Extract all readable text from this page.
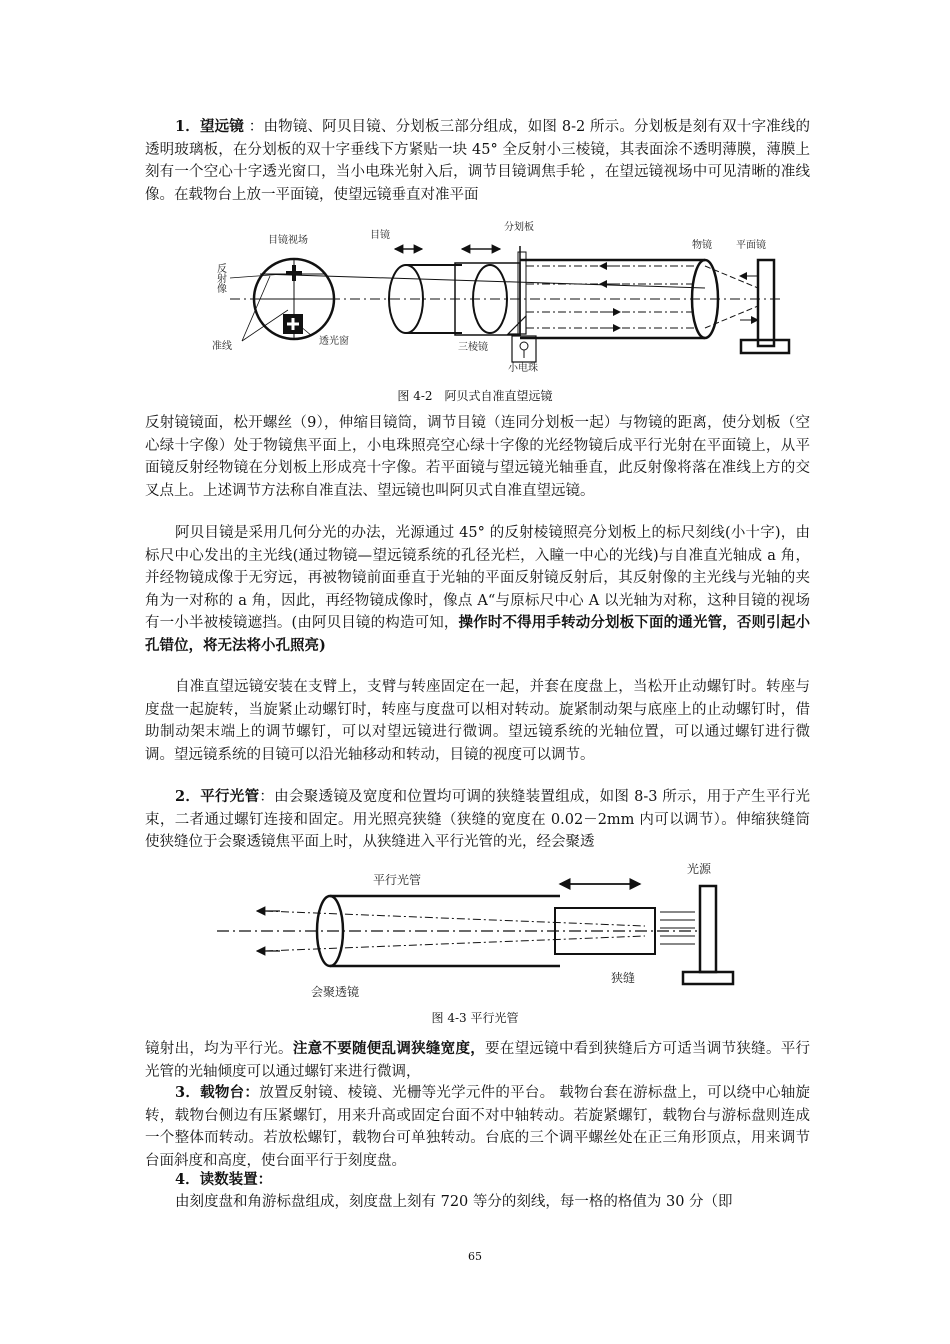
1．望远镜 ：由物镜、阿贝目镜、分划板三部分组成，如图 8-2 所示。分划板是刻有双十字准线的透明玻璃板，在分划板的双十字垂线下方紧贴一块 45° 全反射小三棱镜，其表面涂不透明薄膜，薄膜上刻有一个空心十字透光窗口，当小电珠光射入后，调节目镜调焦手轮 ，在望远镜视场中可见清晰的准线像。在载物台上放一平面镜，使望远镜垂直对准平面

目镜视场	目镜
分划板
物镜 平面镜
反射像
准线	透光窗
三棱镜
小电珠
图 4-2　阿贝式自准直望远镜

反射镜镜面，松开螺丝（9），伸缩目镜筒，调节目镜（连同分划板一起）与物镜的距离，使分划板（空心绿十字像）处于物镜焦平面上，小电珠照亮空心绿十字像的光经物镜后成平行光射在平面镜上，从平面镜反射经物镜在分划板上形成亮十字像。若平面镜与望远镜光轴垂直，此反射像将落在准线上方的交叉点上。上述调节方法称自准直法、望远镜也叫阿贝式自准直望远镜。

阿贝目镜是采用几何分光的办法，光源通过 45° 的反射棱镜照亮分划板上的标尺刻线(小十字)，由标尺中心发出的主光线(通过物镜—望远镜系统的孔径光栏，入瞳一中心的光线)与自准直光轴成 a 角，并经物镜成像于无穷远，再被物镜前面垂直于光轴的平面反射镜反射后，其反射像的主光线与光轴的夹角为一对称的 a 角，因此，再经物镜成像时，像点 A“与原标尺中心 A 以光轴为对称，这种目镜的视场有一小半被棱镜遮挡。(由阿贝目镜的构造可知，操作时不得用手转动分划板下面的通光管，否则引起小孔错位，将无法将小孔照亮)

自准直望远镜安装在支臂上，支臂与转座固定在一起，并套在度盘上，当松开止动螺钉时。转座与度盘一起旋转，当旋紧止动螺钉时，转座与度盘可以相对转动。旋紧制动架与底座上的止动螺钉时，借助制动架末端上的调节螺钉，可以对望远镜进行微调。望远镜系统的光轴位置，可以通过螺钉进行微调。望远镜系统的目镜可以沿光轴移动和转动，目镜的视度可以调节。

2．平行光管：由会聚透镜及宽度和位置均可调的狭缝装置组成，如图 8-3 所示，用于产生平行光束，二者通过螺钉连接和固定。用光照亮狭缝（狭缝的宽度在 0.02－2mm 内可以调节）。伸缩狭缝筒使狭缝位于会聚透镜焦平面上时，从狭缝进入平行光管的光，经会聚透

平行光管
光源
狭缝
会聚透镜
图 4-3 平行光管

镜射出，均为平行光。注意不要随便乱调狭缝宽度，要在望远镜中看到狭缝后方可适当调节狭缝。平行光管的光轴倾度可以通过螺钉来进行微调，

3．载物台：放置反射镜、棱镜、光栅等光学元件的平台。 载物台套在游标盘上，可以绕中心轴旋转，载物台侧边有压紧螺钉，用来升高或固定台面不对中轴转动。若旋紧螺钉，载物台与游标盘则连成一个整体而转动。若放松螺钉，载物台可单独转动。台底的三个调平螺丝处在正三角形顶点，用来调节台面斜度和高度，使台面平行于刻度盘。

4．读数装置：

由刻度盘和角游标盘组成，刻度盘上刻有 720 等分的刻线，每一格的格值为 30 分（即

65
